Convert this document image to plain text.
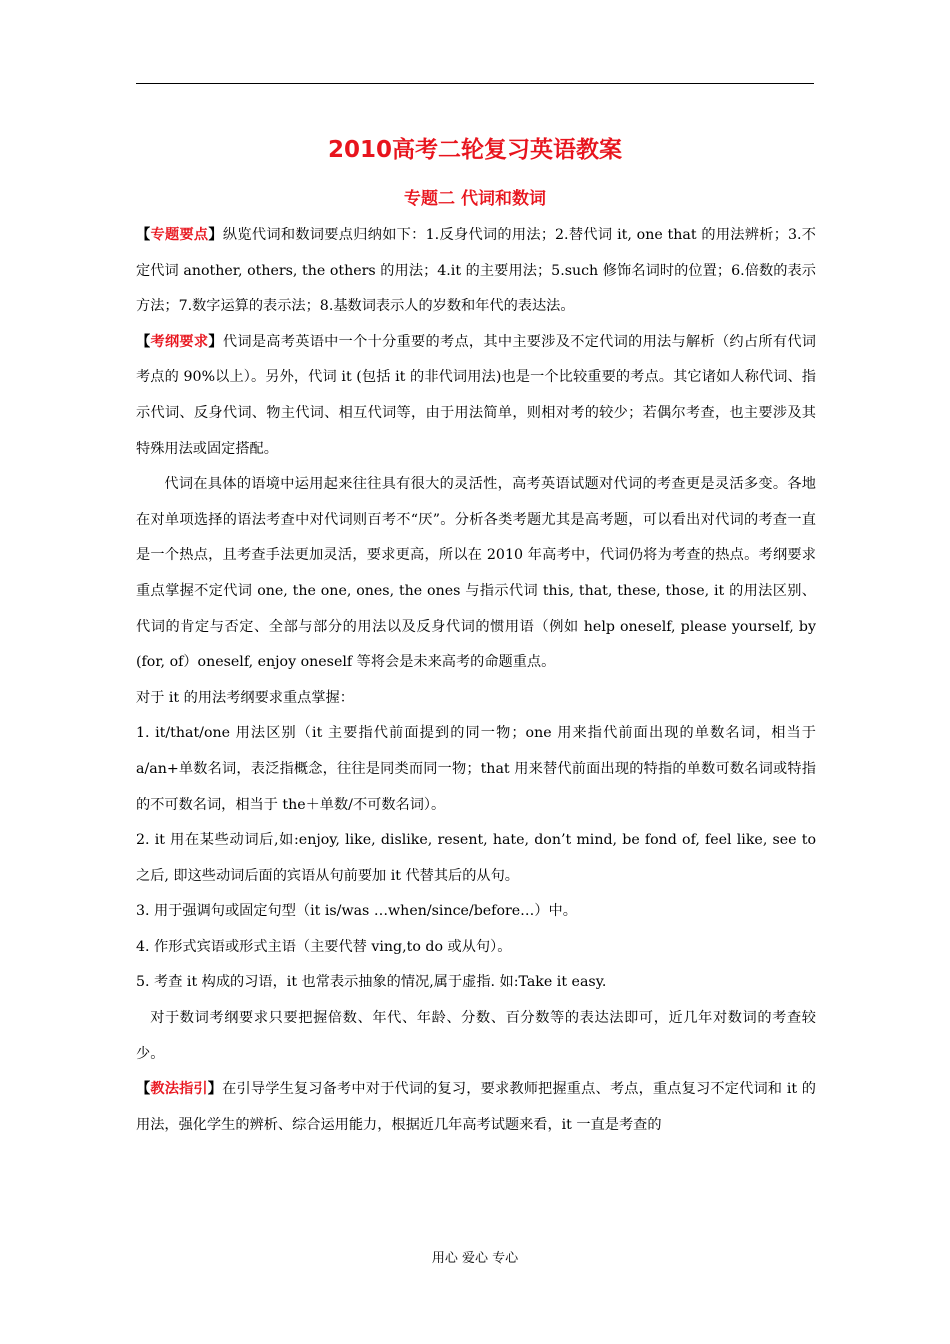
2010高考二轮复习英语教案
专题二 代词和数词

【专题要点】纵览代词和数词要点归纳如下：1.反身代词的用法；2.替代词 it, one that 的用法辨析；3.不定代词 another, others, the others 的用法；4.it 的主要用法；5.such 修饰名词时的位置；6.倍数的表示方法；7.数字运算的表示法；8.基数词表示人的岁数和年代的表达法。

【考纲要求】代词是高考英语中一个十分重要的考点，其中主要涉及不定代词的用法与解析（约占所有代词考点的 90%以上）。另外，代词 it (包括 it 的非代词用法)也是一个比较重要的考点。其它诸如人称代词、指示代词、反身代词、物主代词、相互代词等，由于用法简单，则相对考的较少；若偶尔考查，也主要涉及其特殊用法或固定搭配。

代词在具体的语境中运用起来往往具有很大的灵活性，高考英语试题对代词的考查更是灵活多变。各地在对单项选择的语法考查中对代词则百考不“厌”。分析各类考题尤其是高考题，可以看出对代词的考查一直是一个热点，且考查手法更加灵活，要求更高，所以在 2010 年高考中，代词仍将为考查的热点。考纲要求重点掌握不定代词 one, the one, ones, the ones 与指示代词 this, that, these, those, it 的用法区别、代词的肯定与否定、全部与部分的用法以及反身代词的惯用语（例如 help oneself, please yourself, by (for, of）oneself, enjoy oneself 等将会是未来高考的命题重点。

对于 it 的用法考纲要求重点掌握：

1. it/that/one 用法区别（it 主要指代前面提到的同一物；one 用来指代前面出现的单数名词，相当于 a/an+单数名词，表泛指概念，往往是同类而同一物；that 用来替代前面出现的特指的单数可数名词或特指的不可数名词，相当于 the＋单数/不可数名词）。

2. it 用在某些动词后,如:enjoy, like, dislike, resent, hate, don’t mind, be fond of, feel like, see to 之后, 即这些动词后面的宾语从句前要加 it 代替其后的从句。

3. 用于强调句或固定句型（it is/was …when/since/before…）中。

4. 作形式宾语或形式主语（主要代替 ving,to do 或从句）。

5. 考查 it 构成的习语，it 也常表示抽象的情况,属于虚指. 如:Take it easy.

对于数词考纲要求只要把握倍数、年代、年龄、分数、百分数等的表达法即可，近几年对数词的考查较少。

【教法指引】在引导学生复习备考中对于代词的复习，要求教师把握重点、考点，重点复习不定代词和 it 的用法，强化学生的辨析、综合运用能力，根据近几年高考试题来看，it 一直是考查的

用心 爱心 专心
